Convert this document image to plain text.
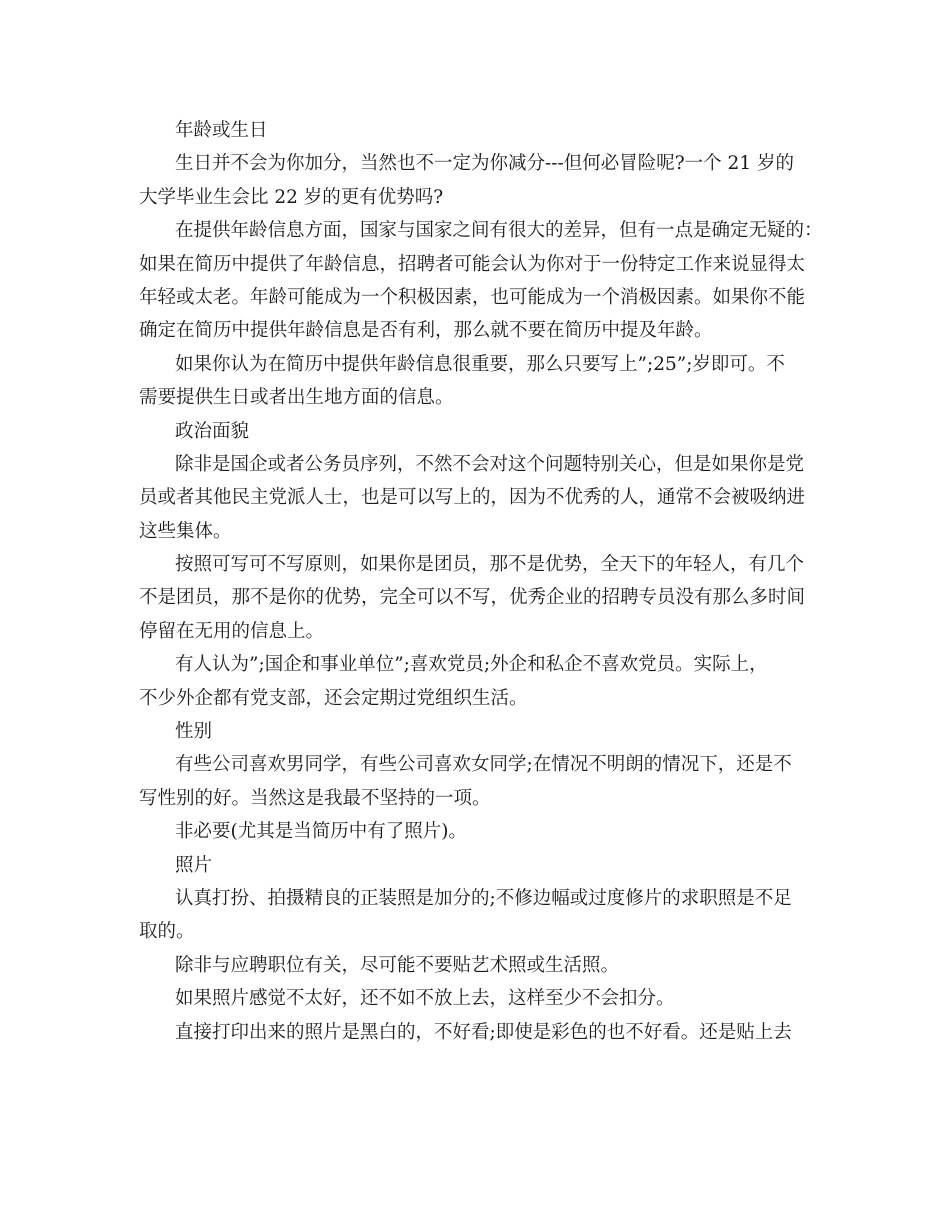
年龄或生日
生日并不会为你加分，当然也不一定为你减分---但何必冒险呢?一个 21 岁的
大学毕业生会比 22 岁的更有优势吗?
在提供年龄信息方面，国家与国家之间有很大的差异，但有一点是确定无疑的：
如果在简历中提供了年龄信息，招聘者可能会认为你对于一份特定工作来说显得太
年轻或太老。年龄可能成为一个积极因素，也可能成为一个消极因素。如果你不能
确定在简历中提供年龄信息是否有利，那么就不要在简历中提及年龄。
如果你认为在简历中提供年龄信息很重要，那么只要写上”;25”;岁即可。不
需要提供生日或者出生地方面的信息。
政治面貌
除非是国企或者公务员序列，不然不会对这个问题特别关心，但是如果你是党
员或者其他民主党派人士，也是可以写上的，因为不优秀的人，通常不会被吸纳进
这些集体。
按照可写可不写原则，如果你是团员，那不是优势，全天下的年轻人，有几个
不是团员，那不是你的优势，完全可以不写，优秀企业的招聘专员没有那么多时间
停留在无用的信息上。
有人认为”;国企和事业单位”;喜欢党员;外企和私企不喜欢党员。实际上，
不少外企都有党支部，还会定期过党组织生活。
性别
有些公司喜欢男同学，有些公司喜欢女同学;在情况不明朗的情况下，还是不
写性别的好。当然这是我最不坚持的一项。
非必要(尤其是当简历中有了照片)。
照片
认真打扮、拍摄精良的正装照是加分的;不修边幅或过度修片的求职照是不足
取的。
除非与应聘职位有关，尽可能不要贴艺术照或生活照。
如果照片感觉不太好，还不如不放上去，这样至少不会扣分。
直接打印出来的照片是黑白的，不好看;即使是彩色的也不好看。还是贴上去
